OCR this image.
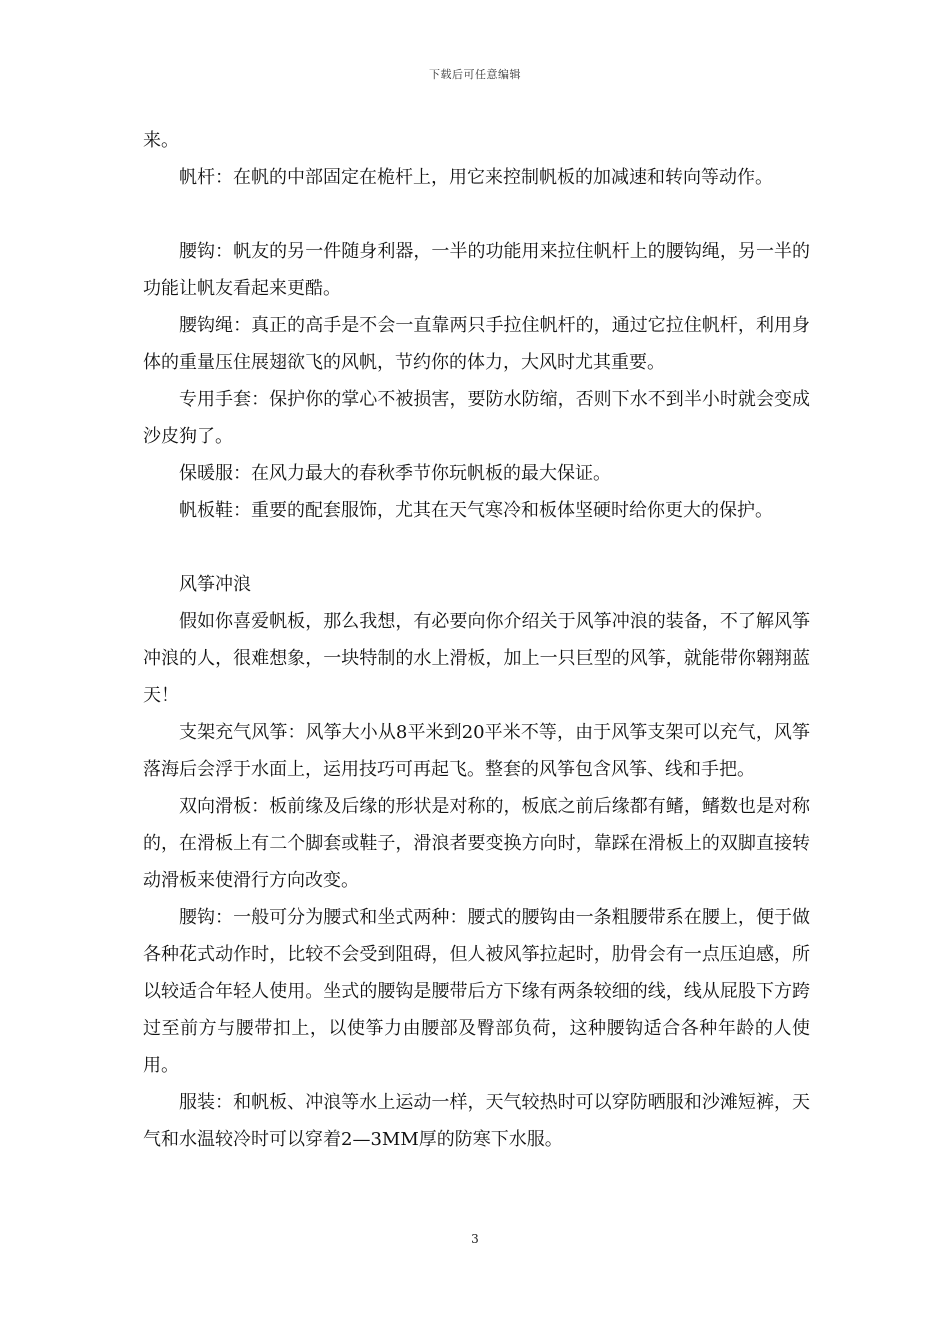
下载后可任意编辑

来。

帆杆：在帆的中部固定在桅杆上，用它来控制帆板的加减速和转向等动作。

腰钩：帆友的另一件随身利器，一半的功能用来拉住帆杆上的腰钩绳，另一半的功能让帆友看起来更酷。

腰钩绳：真正的高手是不会一直靠两只手拉住帆杆的，通过它拉住帆杆，利用身体的重量压住展翅欲飞的风帆，节约你的体力，大风时尤其重要。

专用手套：保护你的掌心不被损害，要防水防缩，否则下水不到半小时就会变成沙皮狗了。

保暖服：在风力最大的春秋季节你玩帆板的最大保证。

帆板鞋：重要的配套服饰，尤其在天气寒冷和板体坚硬时给你更大的保护。

风筝冲浪

假如你喜爱帆板，那么我想，有必要向你介绍关于风筝冲浪的装备，不了解风筝冲浪的人，很难想象，一块特制的水上滑板，加上一只巨型的风筝，就能带你翱翔蓝天！

支架充气风筝：风筝大小从8平米到20平米不等，由于风筝支架可以充气，风筝落海后会浮于水面上，运用技巧可再起飞。整套的风筝包含风筝、线和手把。

双向滑板：板前缘及后缘的形状是对称的，板底之前后缘都有鳍，鳍数也是对称的，在滑板上有二个脚套或鞋子，滑浪者要变换方向时，靠踩在滑板上的双脚直接转动滑板来使滑行方向改变。

腰钩：一般可分为腰式和坐式两种：腰式的腰钩由一条粗腰带系在腰上，便于做各种花式动作时，比较不会受到阻碍，但人被风筝拉起时，肋骨会有一点压迫感，所以较适合年轻人使用。坐式的腰钩是腰带后方下缘有两条较细的线，线从屁股下方跨过至前方与腰带扣上，以使筝力由腰部及臀部负荷，这种腰钩适合各种年龄的人使用。

服装：和帆板、冲浪等水上运动一样，天气较热时可以穿防晒服和沙滩短裤，天气和水温较冷时可以穿着2—3MM厚的防寒下水服。

3
